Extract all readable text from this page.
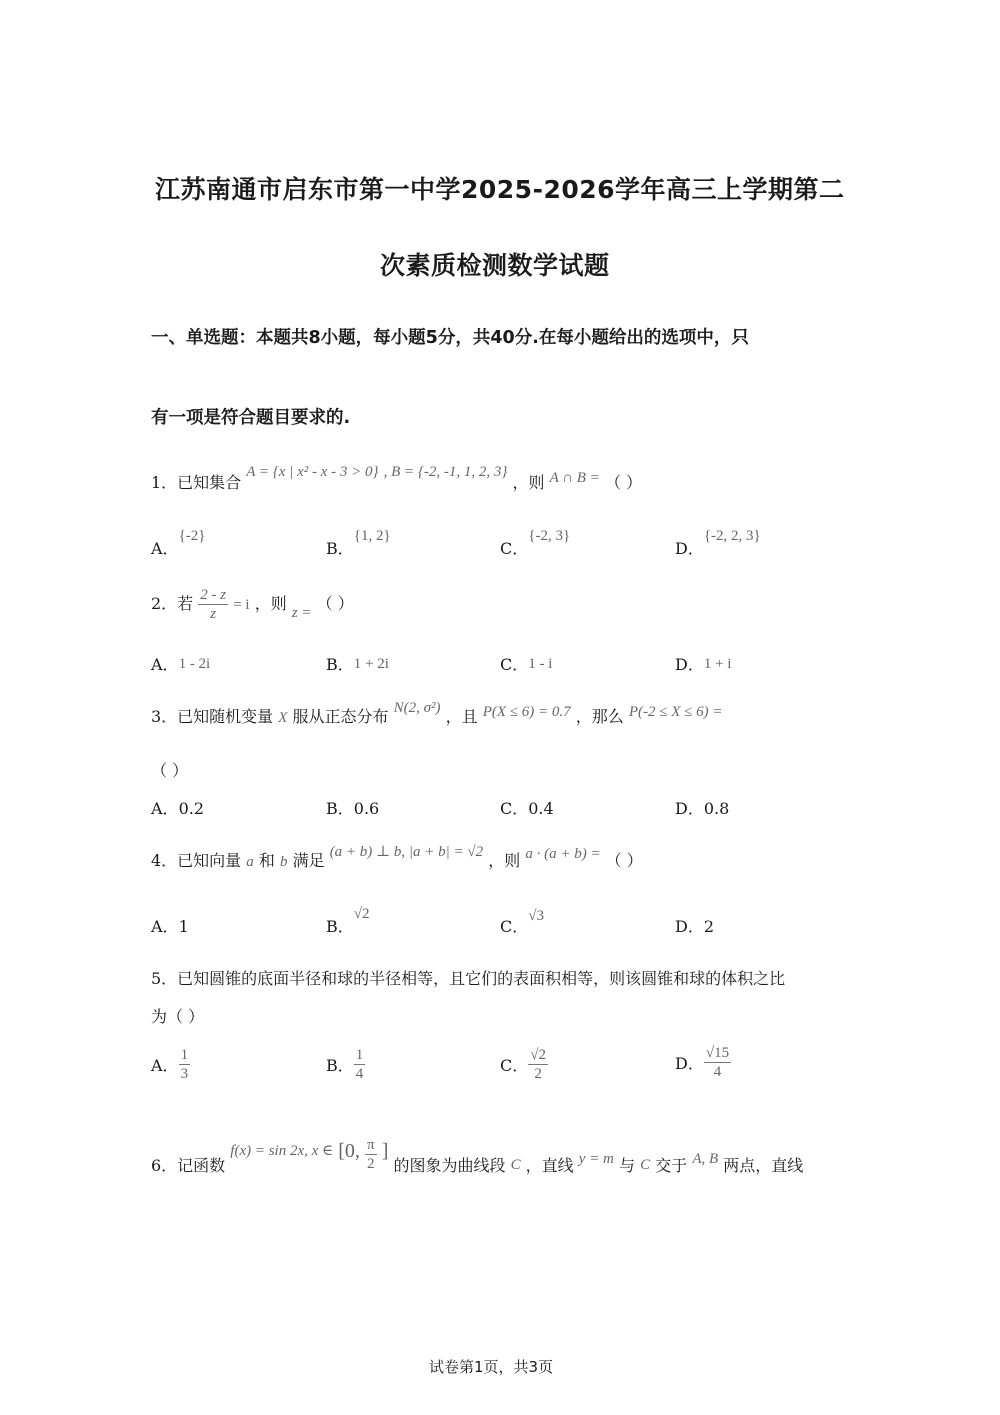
江苏南通市启东市第一中学2025-2026学年高三上学期第二
次素质检测数学试题
一、单选题：本题共8小题，每小题5分，共40分.在每小题给出的选项中，只
有一项是符合题目要求的.
1．已知集合 A = {x | x² - x - 3 > 0} , B = {-2, -1, 1, 2, 3} ，则 A ∩ B = （ ）
A．{-2}
B．{1, 2}
C．{-2, 3}
D．{-2, 2, 3}
2．若 $\frac{2 - z}{z} = i$ ，则 z = （ ）
A．1 - 2i	B．1 + 2i	C．1 - i	D．1 + i
3．已知随机变量 X 服从正态分布 N(2, σ²) ，且 P(X ≤ 6) = 0.7 ，那么 P(-2 ≤ X ≤ 6) =
（ ）
A．0.2	B．0.6	C．0.4	D．0.8
4．已知向量 a 和 b 满足 (a + b) ⊥ b, |a + b| = √2 ，则 a · (a + b) = （ ）
A．1	B．√2
C．√3
D．2
5．已知圆锥的底面半径和球的半径相等，且它们的表面积相等，则该圆锥和球的体积之比
为（ ）
A． $\frac{1}{3}$	B． $\frac{1}{4}$	C． $\frac{√2}{2}$	D． $\frac{√15}{4}$
6．记函数 f(x) = sin 2x, x ∈ [0, $\frac{\pi}{2}$ ] 的图象为曲线段 C ，直线 y = m 与 C 交于 A, B 两点，直线
试卷第1页，共3页
